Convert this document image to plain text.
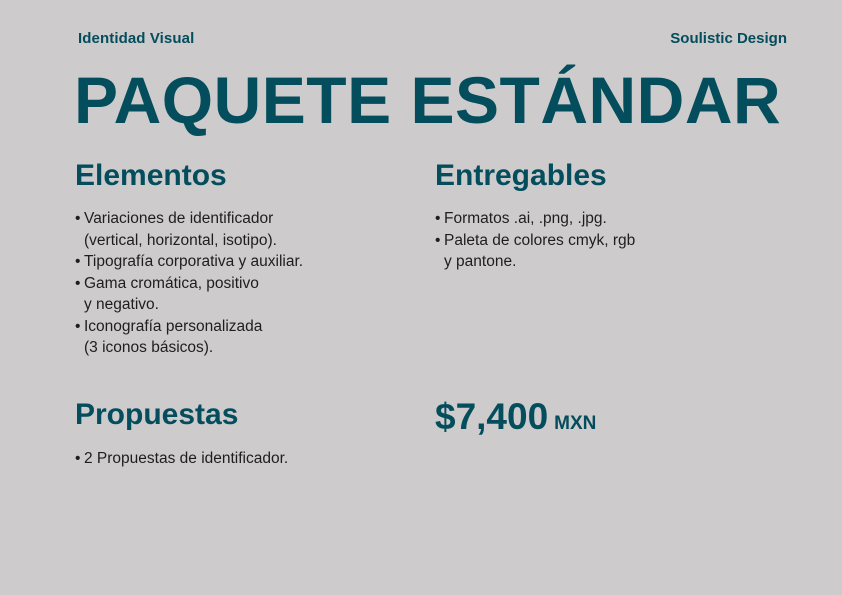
Identidad Visual	Soulistic Design
PAQUETE ESTÁNDAR
Elementos
• Variaciones de identificador
(vertical, horizontal, isotipo).
• Tipografía corporativa y auxiliar.
• Gama cromática, positivo
y negativo.
• Iconografía personalizada
(3 iconos básicos).
Entregables
• Formatos .ai, .png, .jpg.
• Paleta de colores cmyk, rgb
y pantone.
Propuestas
• 2 Propuestas de identificador.
$7,400 MXN
